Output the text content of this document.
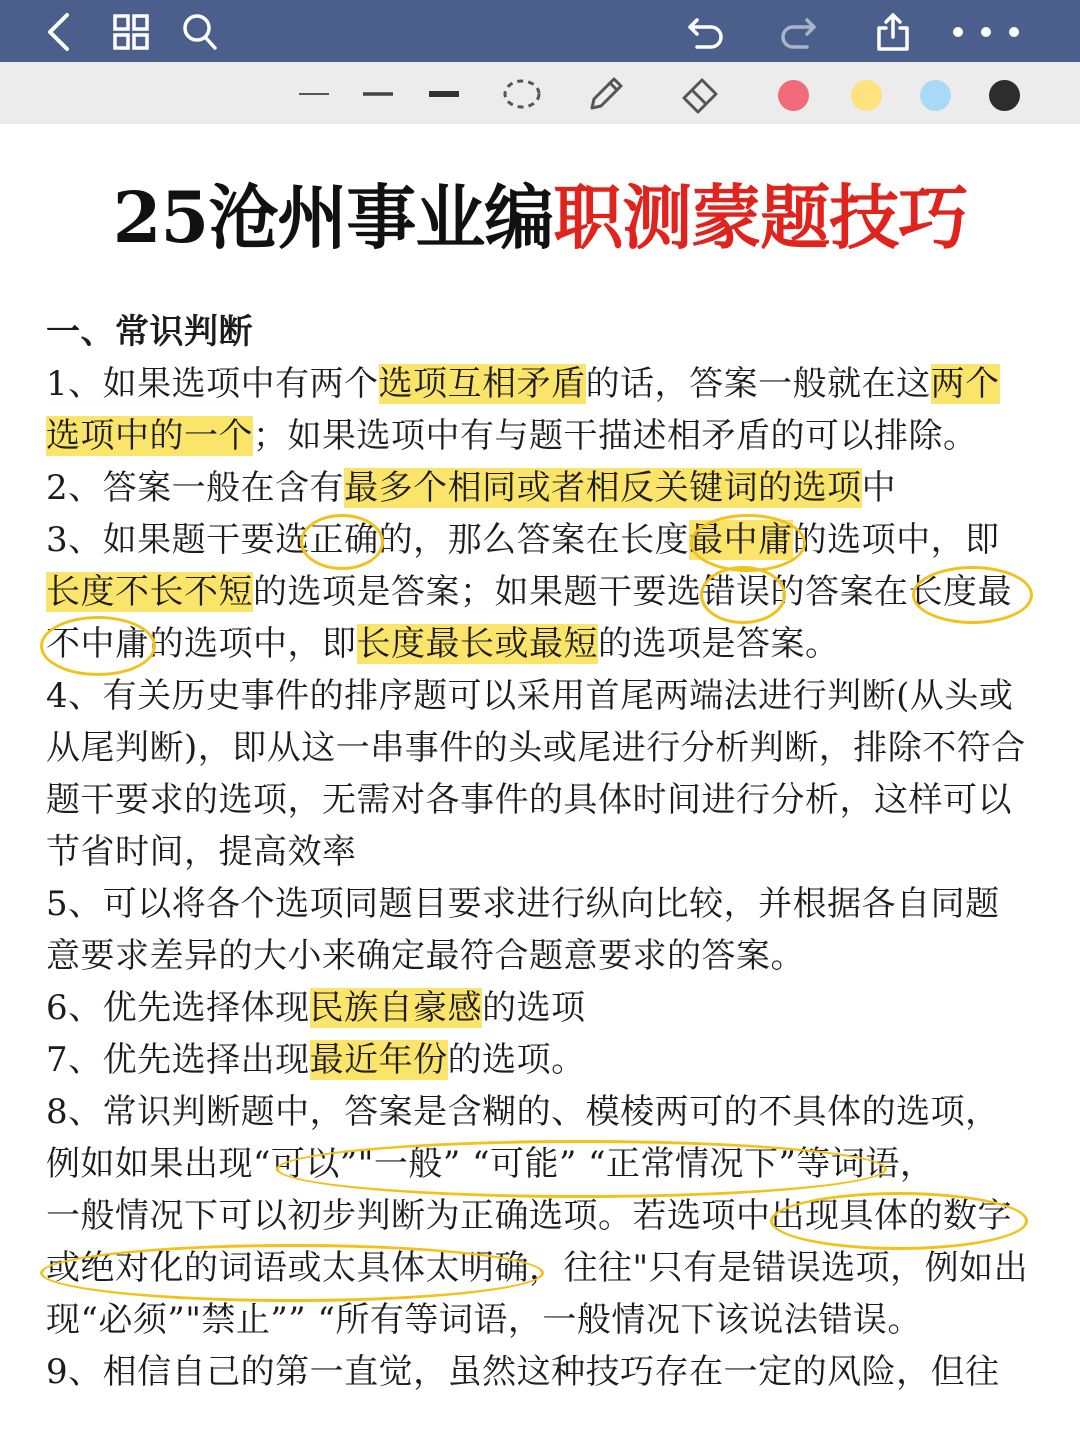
25沧州事业编职测蒙题技巧
一、常识判断
1、如果选项中有两个选项互相矛盾的话，答案一般就在这两个
选项中的一个；如果选项中有与题干描述相矛盾的可以排除。
2、答案一般在含有最多个相同或者相反关键词的选项中
3、如果题干要选正确的，那么答案在长度最中庸的选项中，即
长度不长不短的选项是答案；如果题干要选错误的答案在长度最
不中庸的选项中，即长度最长或最短的选项是答案。
4、有关历史事件的排序题可以采用首尾两端法进行判断(从头或
从尾判断)，即从这一串事件的头或尾进行分析判断，排除不符合
题干要求的选项，无需对各事件的具体时间进行分析，这样可以
节省时间，提高效率
5、可以将各个选项同题目要求进行纵向比较，并根据各自同题
意要求差异的大小来确定最符合题意要求的答案。
6、优先选择体现民族自豪感的选项
7、优先选择出现最近年份的选项。
8、常识判断题中，答案是含糊的、模棱两可的不具体的选项，
例如如果出现“可以”"一般” “可能” “正常情况下”等词语，
一般情况下可以初步判断为正确选项。若选项中出现具体的数字
或绝对化的词语或太具体太明确，往往"只有是错误选项，例如出
现“必须”"禁止”” “所有等词语，一般情况下该说法错误。
9、相信自己的第一直觉，虽然这种技巧存在一定的风险，但往
